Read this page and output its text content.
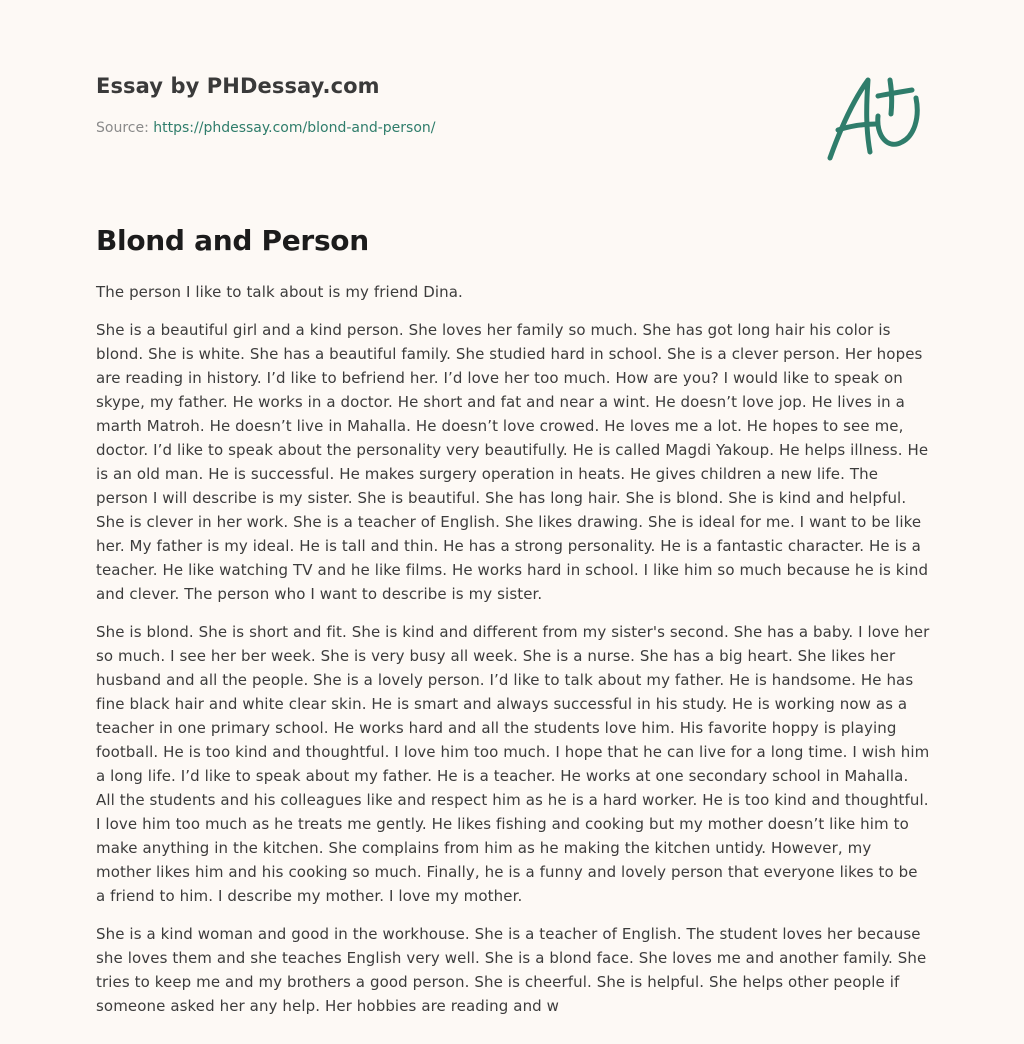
Essay by PHDessay.com
Source: https://phdessay.com/blond-and-person/
Blond and Person

The person I like to talk about is my friend Dina.

She is a beautiful girl and a kind person. She loves her family so much. She has got long hair his color is blond. She is white. She has a beautiful family. She studied hard in school. She is a clever person. Her hopes are reading in history. I’d like to befriend her. I’d love her too much. How are you? I would like to speak on skype, my father. He works in a doctor. He short and fat and near a wint. He doesn’t love jop. He lives in a marth Matroh. He doesn’t live in Mahalla. He doesn’t love crowed. He loves me a lot. He hopes to see me, doctor. I’d like to speak about the personality very beautifully. He is called Magdi Yakoup. He helps illness. He is an old man. He is successful. He makes surgery operation in heats. He gives children a new life. The person I will describe is my sister. She is beautiful. She has long hair. She is blond. She is kind and helpful. She is clever in her work. She is a teacher of English. She likes drawing. She is ideal for me. I want to be like her. My father is my ideal. He is tall and thin. He has a strong personality. He is a fantastic character. He is a teacher. He like watching TV and he like films. He works hard in school. I like him so much because he is kind and clever. The person who I want to describe is my sister.

She is blond. She is short and fit. She is kind and different from my sister's second. She has a baby. I love her so much. I see her ber week. She is very busy all week. She is a nurse. She has a big heart. She likes her husband and all the people. She is a lovely person. I’d like to talk about my father. He is handsome. He has fine black hair and white clear skin. He is smart and always successful in his study. He is working now as a teacher in one primary school. He works hard and all the students love him. His favorite hoppy is playing football. He is too kind and thoughtful. I love him too much. I hope that he can live for a long time. I wish him a long life. I’d like to speak about my father. He is a teacher. He works at one secondary school in Mahalla. All the students and his colleagues like and respect him as he is a hard worker. He is too kind and thoughtful. I love him too much as he treats me gently. He likes fishing and cooking but my mother doesn’t like him to make anything in the kitchen. She complains from him as he making the kitchen untidy. However, my mother likes him and his cooking so much. Finally, he is a funny and lovely person that everyone likes to be a friend to him. I describe my mother. I love my mother.

She is a kind woman and good in the workhouse. She is a teacher of English. The student loves her because she loves them and she teaches English very well. She is a blond face. She loves me and another family. She tries to keep me and my brothers a good person. She is cheerful. She is helpful. She helps other people if someone asked her any help. Her hobbies are reading and w
